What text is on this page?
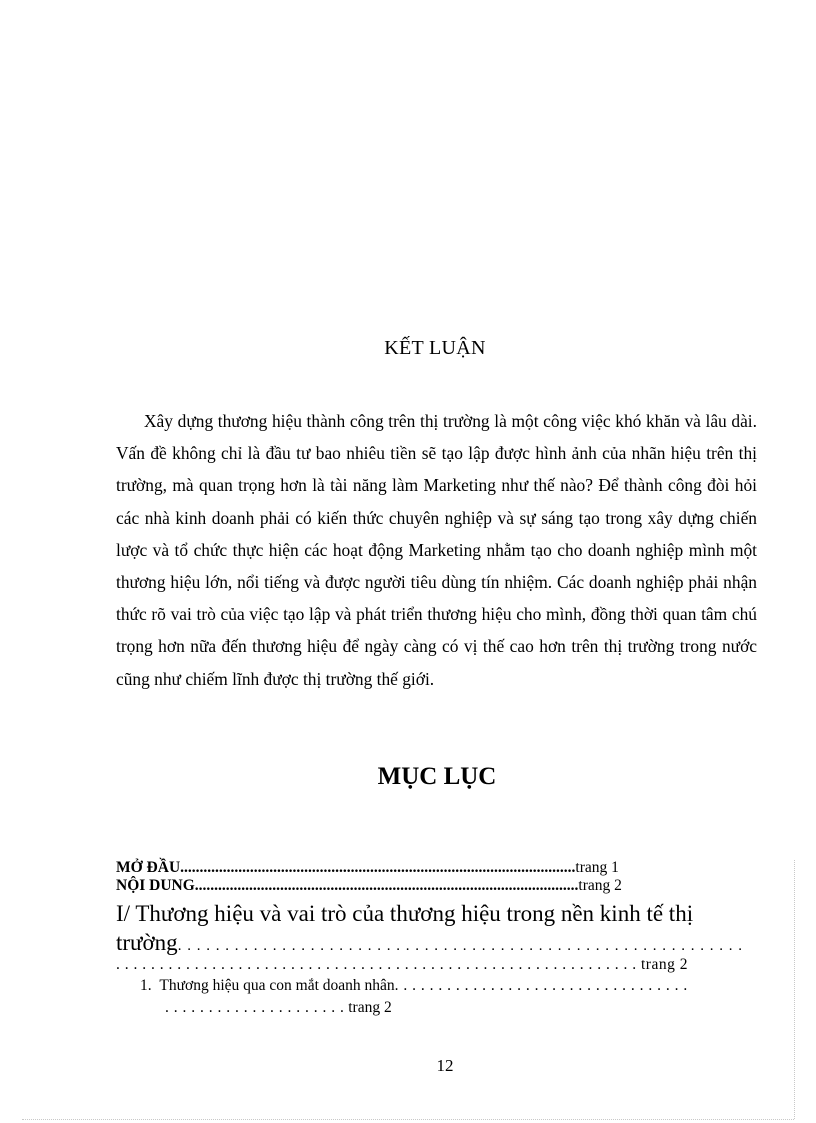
KẾT LUẬN

Xây dựng thương hiệu thành công trên thị trường là một công việc khó khăn và lâu dài. Vấn đề không chỉ là đầu tư bao nhiêu tiền sẽ tạo lập được hình ảnh của nhãn hiệu trên thị trường, mà quan trọng hơn là tài năng làm Marketing như thế nào? Để thành công đòi hỏi các nhà kinh doanh phải có kiến thức chuyên nghiệp và sự sáng tạo trong xây dựng chiến lược và tổ chức thực hiện các hoạt động Marketing nhằm tạo cho doanh nghiệp mình một thương hiệu lớn, nổi tiếng và được người tiêu dùng tín nhiệm. Các doanh nghiệp phải nhận thức rõ vai trò của việc tạo lập và phát triển thương hiệu cho mình, đồng thời quan tâm chú trọng hơn nữa đến thương hiệu để ngày càng có vị thế cao hơn trên thị trường trong nước cũng như chiếm lĩnh được thị trường thế giới.

MỤC LỤC
MỞ ĐẦU......................................................................................................trang 1
NỘI DUNG...................................................................................................trang 2
I/ Thương hiệu và vai trò của thương hiệu trong nền kinh tế thị trường. . . . . . . . . . . . . . . . . . . . . . . . . . . . . . . . . . . . . . . . . . . . . . . . . . . . . . . . . . . .
. . . . . . . . . . . . . . . . . . . . . . . . . . . . . . . . . . . . . . . . . . . . . . . . . . . . . . . . . . . . trang 2
1. Thương hiệu qua con mắt doanh nhân. . . . . . . . . . . . . . . . . . . . . . . . . . . . . . . . . .
. . . . . . . . . . . . . . . . . . . . . trang 2
12
